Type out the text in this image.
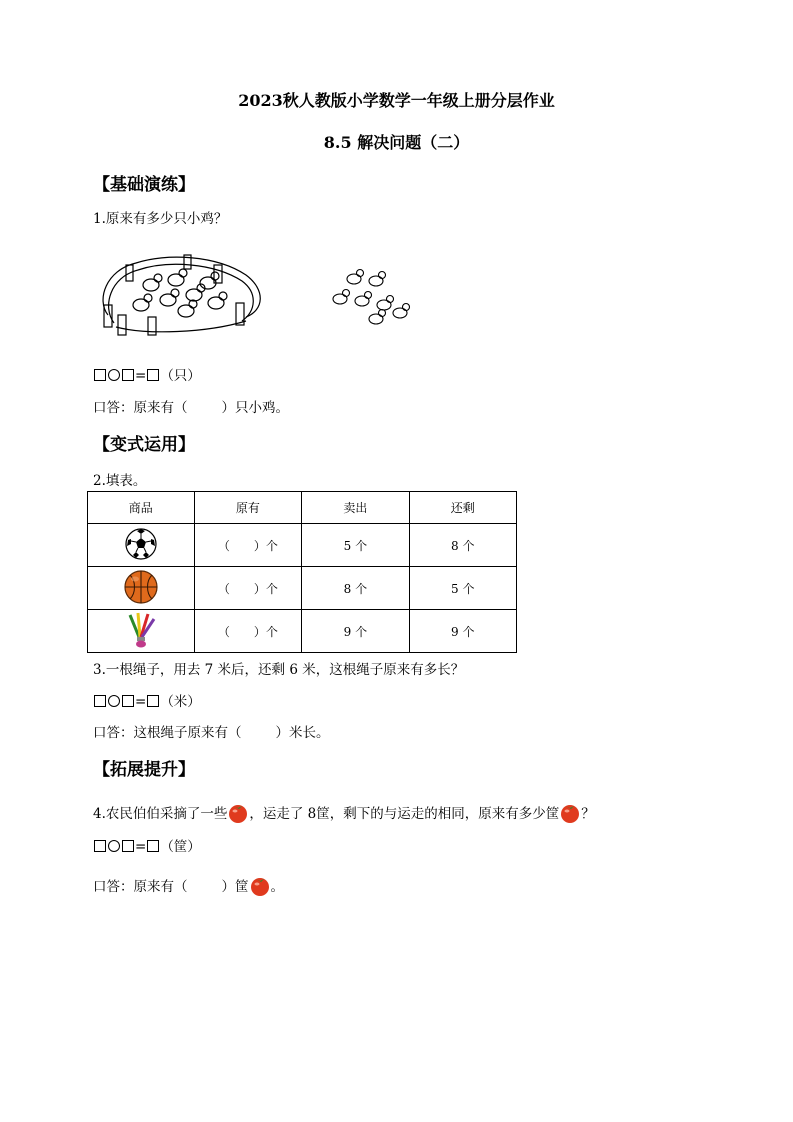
2023秋人教版小学数学一年级上册分层作业
8.5 解决问题（二）
【基础演练】
1.原来有多少只小鸡？
= （只）
口答：原来有（	）只小鸡。
【变式运用】
2.填表。
商品	原有	卖出	还剩
	（　　）个	5 个	8 个
	（　　）个	8 个	5 个
	（　　）个	9 个	9 个
3.一根绳子，用去 7 米后，还剩 6 米，这根绳子原来有多长？
= （米）
口答：这根绳子原来有（	）米长。
【拓展提升】
4.农民伯伯采摘了一些 ，运走了 8筐，剩下的与运走的相同，原来有多少筐 ？
= （筐）
口答：原来有（	）筐 。
